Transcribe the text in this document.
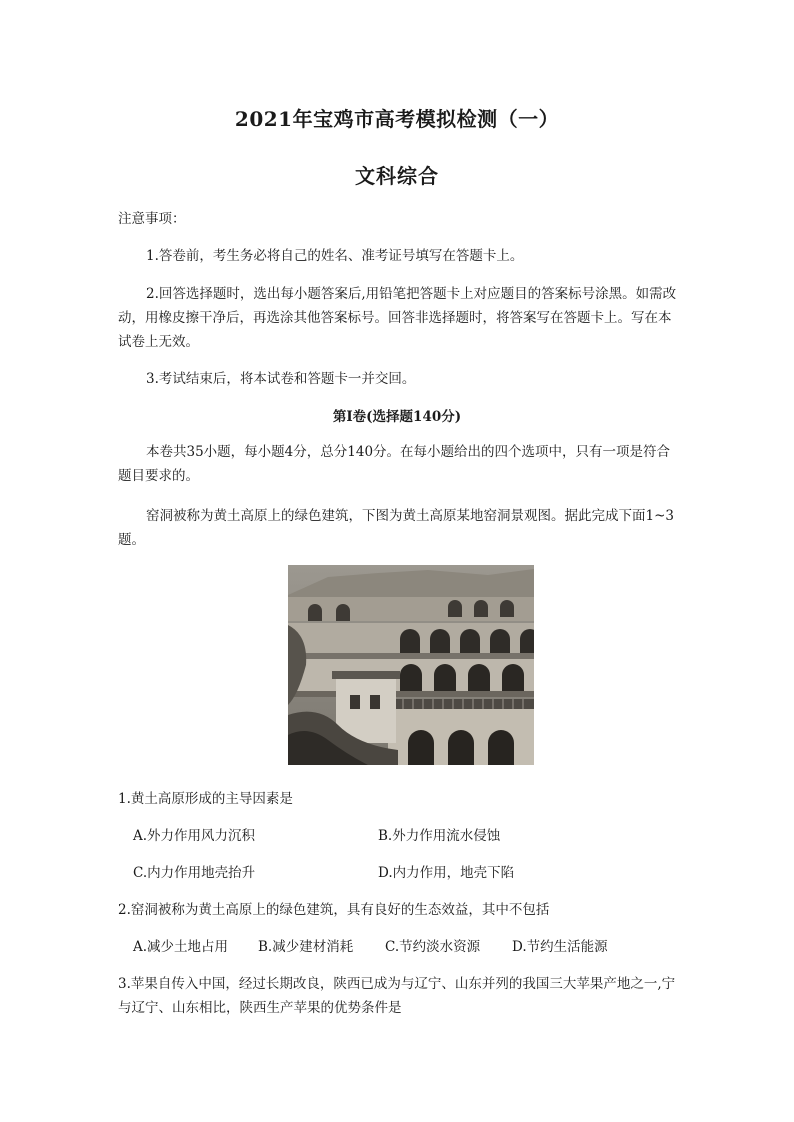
2021年宝鸡市高考模拟检测（一）
文科综合
注意事项：
1.答卷前，考生务必将自己的姓名、准考证号填写在答题卡上。
2.回答选择题时，选出每小题答案后,用铅笔把答题卡上对应题目的答案标号涂黑。如需改动，用橡皮擦干净后，再选涂其他答案标号。回答非选择题时，将答案写在答题卡上。写在本试卷上无效。
3.考试结束后，将本试卷和答题卡一并交回。
第Ⅰ卷(选择题140分)
本卷共35小题，每小题4分，总分140分。在每小题给出的四个选项中，只有一项是符合题目要求的。
窑洞被称为黄土高原上的绿色建筑，下图为黄土高原某地窑洞景观图。据此完成下面1~3题。
1.黄土高原形成的主导因素是
A.外力作用风力沉积	B.外力作用流水侵蚀
C.内力作用地壳抬升	D.内力作用，地壳下陷
2.窑洞被称为黄土高原上的绿色建筑，具有良好的生态效益，其中不包括
A.减少土地占用 B.减少建材消耗 C.节约淡水资源 D.节约生活能源
3.苹果自传入中国，经过长期改良，陕西已成为与辽宁、山东并列的我国三大苹果产地之一,宁与辽宁、山东相比，陕西生产苹果的优势条件是
